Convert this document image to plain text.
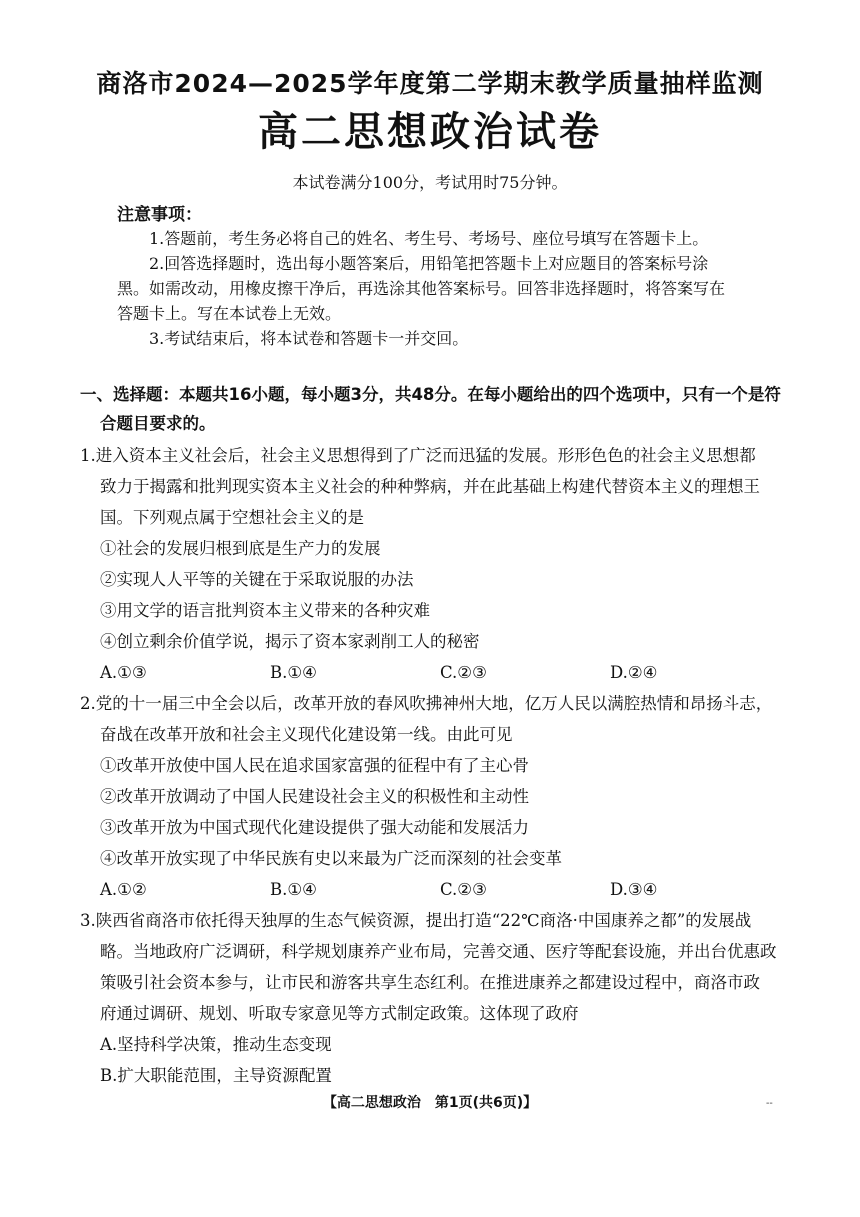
商洛市2024—2025学年度第二学期末教学质量抽样监测
高二思想政治试卷
本试卷满分100分，考试用时75分钟。
注意事项：

1.答题前，考生务必将自己的姓名、考生号、考场号、座位号填写在答题卡上。

2.回答选择题时，选出每小题答案后，用铅笔把答题卡上对应题目的答案标号涂

黑。如需改动，用橡皮擦干净后，再选涂其他答案标号。回答非选择题时，将答案写在

答题卡上。写在本试卷上无效。

3.考试结束后，将本试卷和答题卡一并交回。

一、选择题：本题共16小题，每小题3分，共48分。在每小题给出的四个选项中，只有一个是符
合题目要求的。

1.进入资本主义社会后，社会主义思想得到了广泛而迅猛的发展。形形色色的社会主义思想都

致力于揭露和批判现实资本主义社会的种种弊病，并在此基础上构建代替资本主义的理想王

国。下列观点属于空想社会主义的是

①社会的发展归根到底是生产力的发展

②实现人人平等的关键在于采取说服的办法

③用文学的语言批判资本主义带来的各种灾难

④创立剩余价值学说，揭示了资本家剥削工人的秘密

A.①③	B.①④	C.②③	D.②④

2.党的十一届三中全会以后，改革开放的春风吹拂神州大地，亿万人民以满腔热情和昂扬斗志，

奋战在改革开放和社会主义现代化建设第一线。由此可见

①改革开放使中国人民在追求国家富强的征程中有了主心骨

②改革开放调动了中国人民建设社会主义的积极性和主动性

③改革开放为中国式现代化建设提供了强大动能和发展活力

④改革开放实现了中华民族有史以来最为广泛而深刻的社会变革

A.①②	B.①④	C.②③	D.③④

3.陕西省商洛市依托得天独厚的生态气候资源，提出打造“22℃商洛·中国康养之都”的发展战

略。当地政府广泛调研，科学规划康养产业布局，完善交通、医疗等配套设施，并出台优惠政

策吸引社会资本参与，让市民和游客共享生态红利。在推进康养之都建设过程中，商洛市政

府通过调研、规划、听取专家意见等方式制定政策。这体现了政府

A.坚持科学决策，推动生态变现

B.扩大职能范围，主导资源配置

【高二思想政治　第1页(共6页)】	--
